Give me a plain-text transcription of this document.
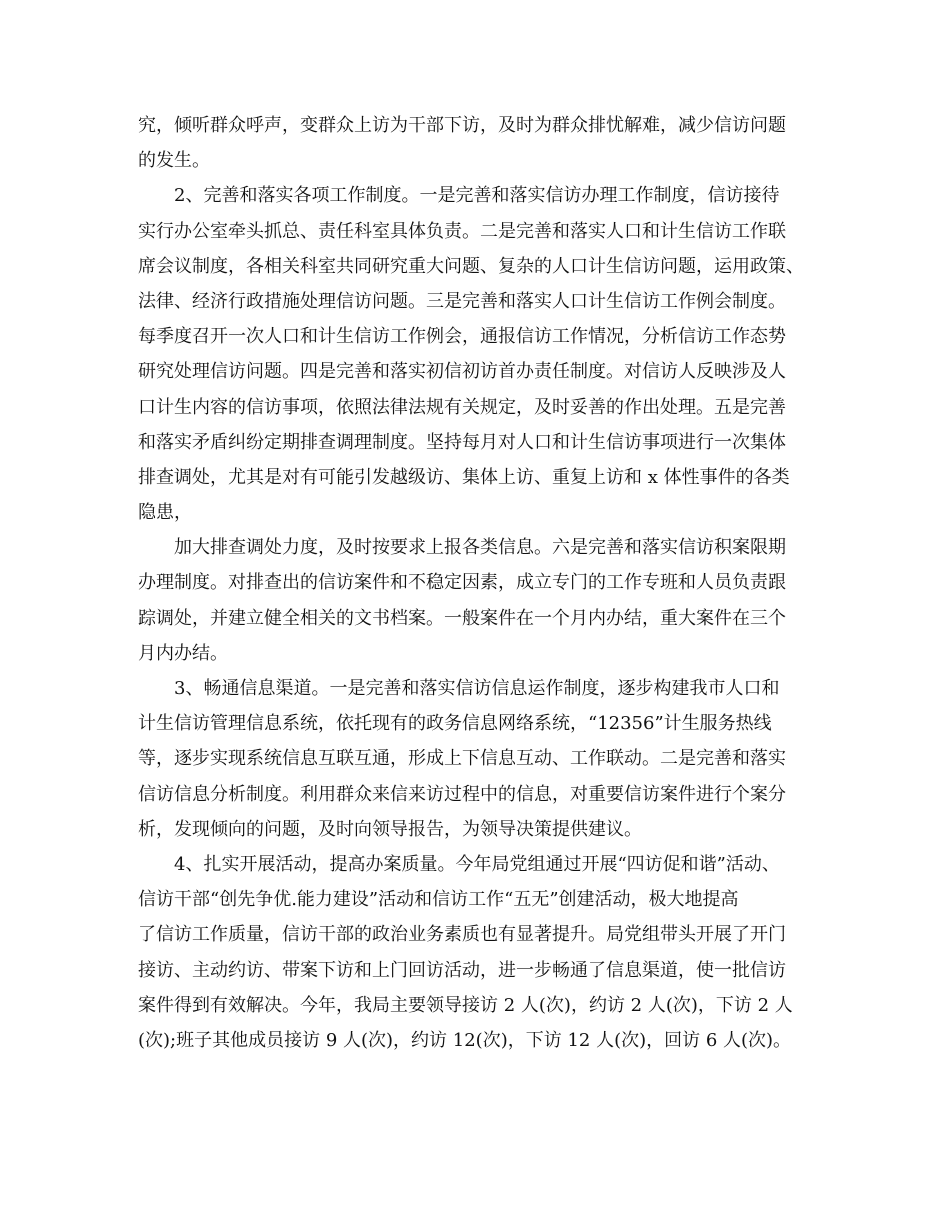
究，倾听群众呼声，变群众上访为干部下访，及时为群众排忧解难，减少信访问题
的发生。
2、完善和落实各项工作制度。一是完善和落实信访办理工作制度，信访接待
实行办公室牵头抓总、责任科室具体负责。二是完善和落实人口和计生信访工作联
席会议制度，各相关科室共同研究重大问题、复杂的人口计生信访问题，运用政策、
法律、经济行政措施处理信访问题。三是完善和落实人口计生信访工作例会制度。
每季度召开一次人口和计生信访工作例会，通报信访工作情况，分析信访工作态势
研究处理信访问题。四是完善和落实初信初访首办责任制度。对信访人反映涉及人
口计生内容的信访事项，依照法律法规有关规定，及时妥善的作出处理。五是完善
和落实矛盾纠纷定期排查调理制度。坚持每月对人口和计生信访事项进行一次集体
排查调处，尤其是对有可能引发越级访、集体上访、重复上访和 x 体性事件的各类
隐患，
加大排查调处力度，及时按要求上报各类信息。六是完善和落实信访积案限期
办理制度。对排查出的信访案件和不稳定因素，成立专门的工作专班和人员负责跟
踪调处，并建立健全相关的文书档案。一般案件在一个月内办结，重大案件在三个
月内办结。
3、畅通信息渠道。一是完善和落实信访信息运作制度，逐步构建我市人口和
计生信访管理信息系统，依托现有的政务信息网络系统，“12356”计生服务热线
等，逐步实现系统信息互联互通，形成上下信息互动、工作联动。二是完善和落实
信访信息分析制度。利用群众来信来访过程中的信息，对重要信访案件进行个案分
析，发现倾向的问题，及时向领导报告，为领导决策提供建议。
4、扎实开展活动，提高办案质量。今年局党组通过开展“四访促和谐”活动、
信访干部“创先争优.能力建设”活动和信访工作“五无”创建活动，极大地提高
了信访工作质量，信访干部的政治业务素质也有显著提升。局党组带头开展了开门
接访、主动约访、带案下访和上门回访活动，进一步畅通了信息渠道，使一批信访
案件得到有效解决。今年，我局主要领导接访 2 人(次)，约访 2 人(次)，下访 2 人
(次);班子其他成员接访 9 人(次)，约访 12(次)，下访 12 人(次)，回访 6 人(次)。
